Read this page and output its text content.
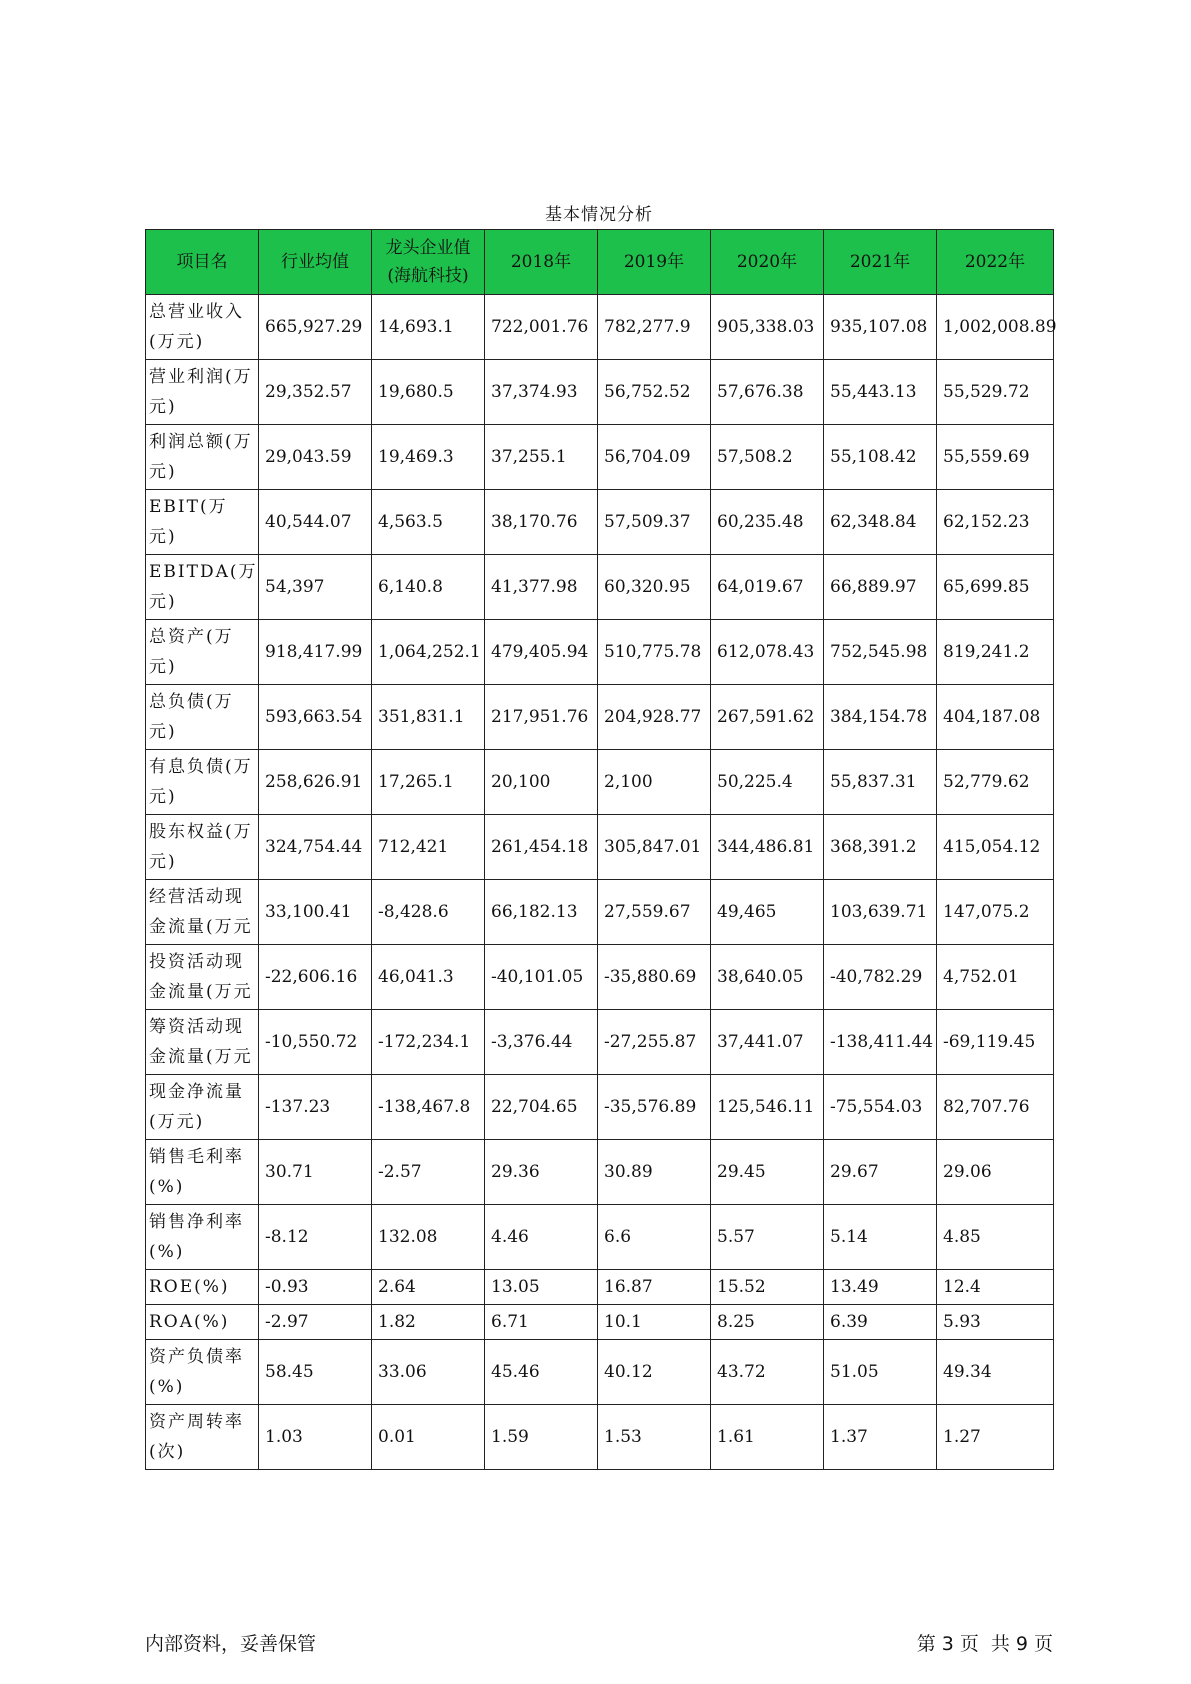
基本情况分析
项目名	行业均值	龙头企业值(海航科技)	2018年	2019年	2020年	2021年	2022年
总营业收入(万元)	665,927.29	14,693.1	722,001.76	782,277.9	905,338.03	935,107.08	1,002,008.89
营业利润(万元)	29,352.57	19,680.5	37,374.93	56,752.52	57,676.38	55,443.13	55,529.72
利润总额(万元)	29,043.59	19,469.3	37,255.1	56,704.09	57,508.2	55,108.42	55,559.69
EBIT(万元)	40,544.07	4,563.5	38,170.76	57,509.37	60,235.48	62,348.84	62,152.23
EBITDA(万元)	54,397	6,140.8	41,377.98	60,320.95	64,019.67	66,889.97	65,699.85
总资产(万元)	918,417.99	1,064,252.1	479,405.94	510,775.78	612,078.43	752,545.98	819,241.2
总负债(万元)	593,663.54	351,831.1	217,951.76	204,928.77	267,591.62	384,154.78	404,187.08
有息负债(万元)	258,626.91	17,265.1	20,100	2,100	50,225.4	55,837.31	52,779.62
股东权益(万元)	324,754.44	712,421	261,454.18	305,847.01	344,486.81	368,391.2	415,054.12
经营活动现金流量(万元	33,100.41	-8,428.6	66,182.13	27,559.67	49,465	103,639.71	147,075.2
投资活动现金流量(万元	-22,606.16	46,041.3	-40,101.05	-35,880.69	38,640.05	-40,782.29	4,752.01
筹资活动现金流量(万元	-10,550.72	-172,234.1	-3,376.44	-27,255.87	37,441.07	-138,411.44	-69,119.45
现金净流量(万元)	-137.23	-138,467.8	22,704.65	-35,576.89	125,546.11	-75,554.03	82,707.76
销售毛利率(%)	30.71	-2.57	29.36	30.89	29.45	29.67	29.06
销售净利率(%)	-8.12	132.08	4.46	6.6	5.57	5.14	4.85
ROE(%)	-0.93	2.64	13.05	16.87	15.52	13.49	12.4
ROA(%)	-2.97	1.82	6.71	10.1	8.25	6.39	5.93
资产负债率(%)	58.45	33.06	45.46	40.12	43.72	51.05	49.34
资产周转率(次)	1.03	0.01	1.59	1.53	1.61	1.37	1.27
内部资料，妥善保管	第 3 页 共 9 页
